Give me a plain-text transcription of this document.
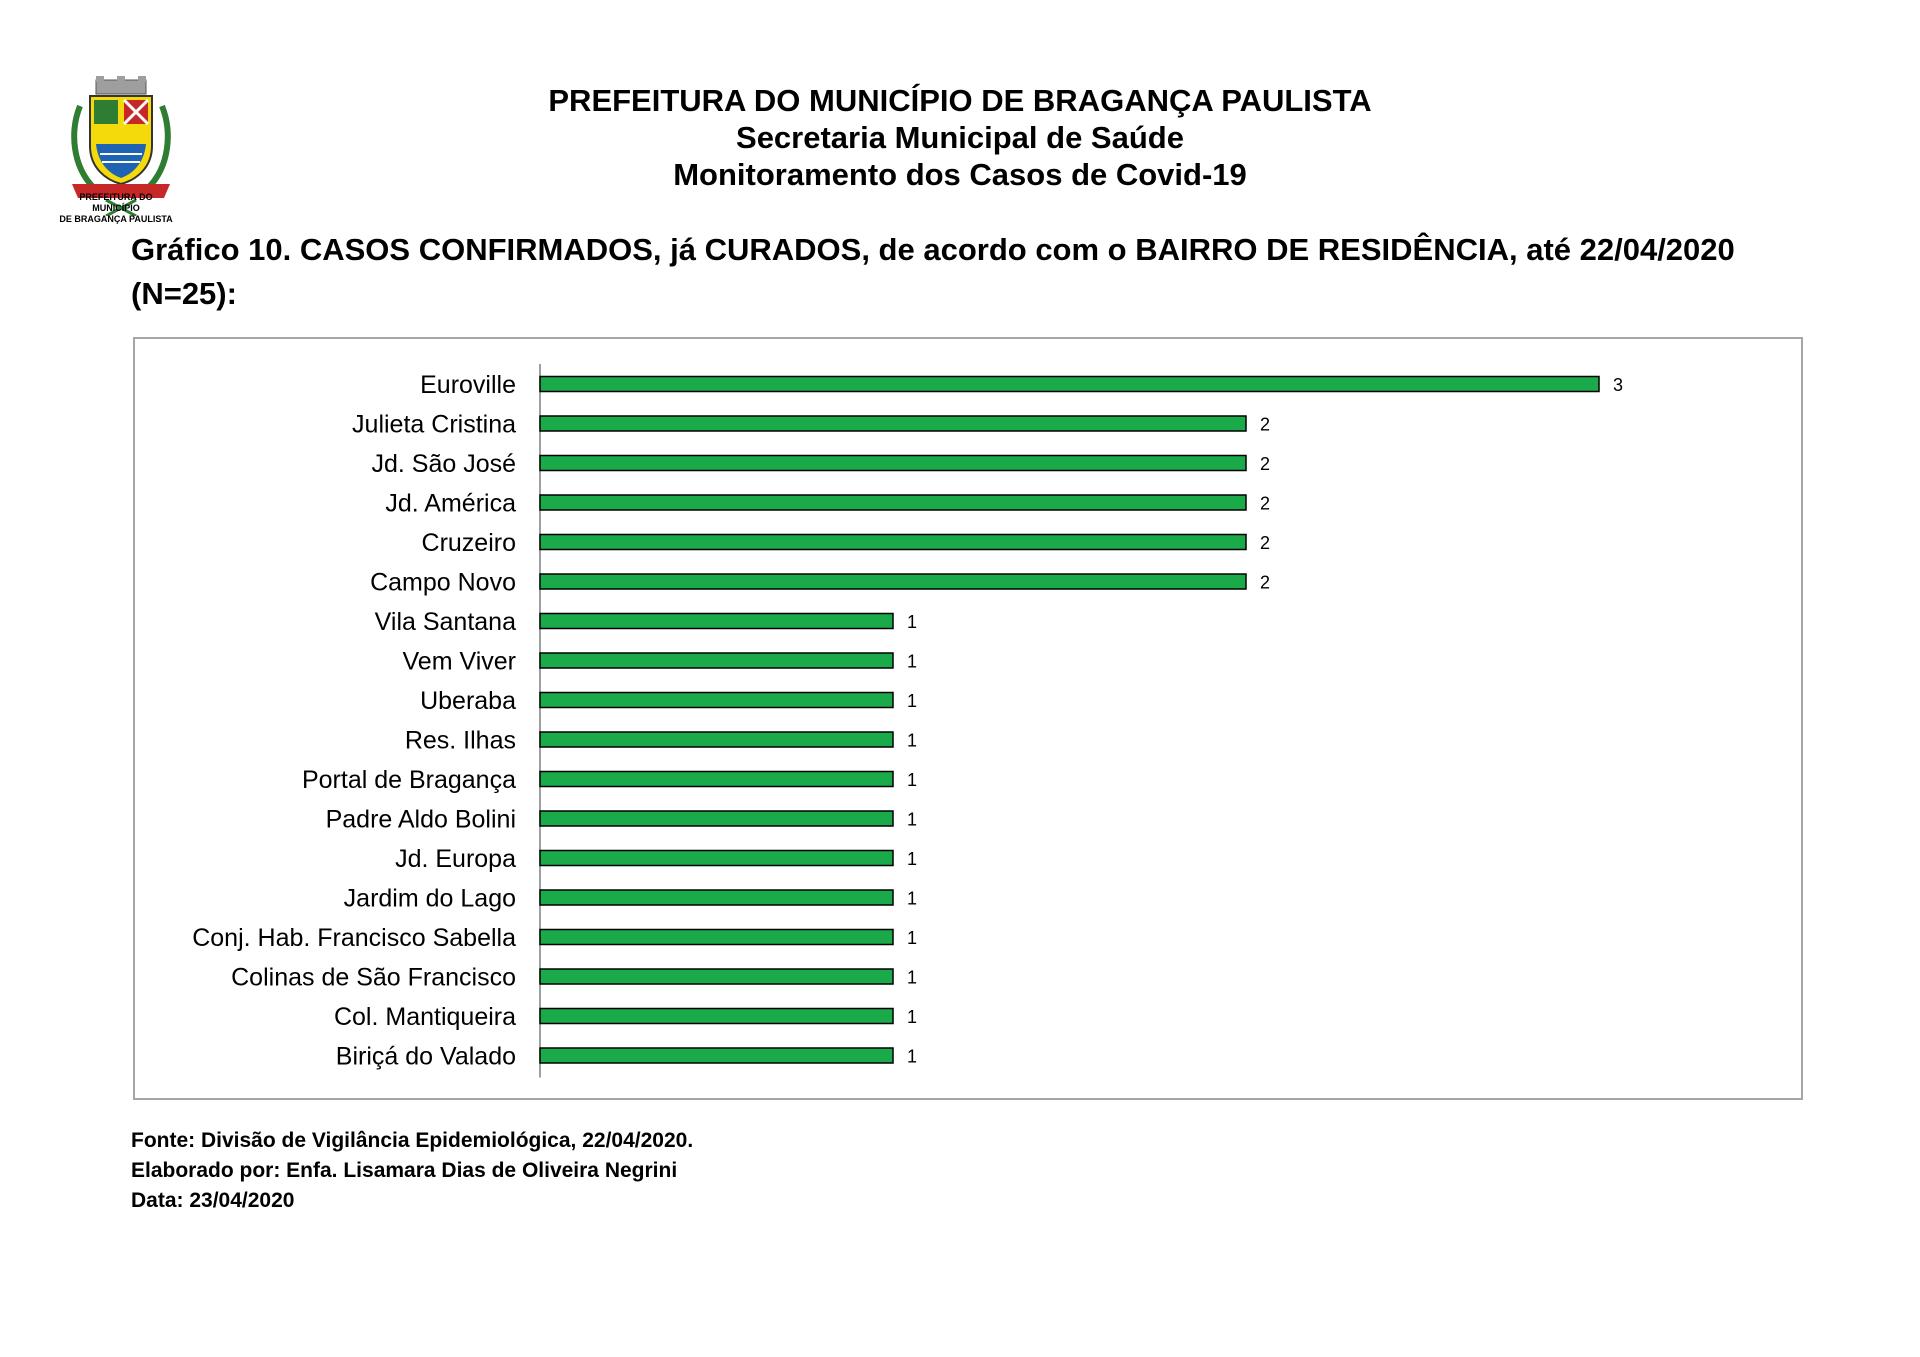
PREFEITURA DO MUNICÍPIO
DE BRAGANÇA PAULISTA
PREFEITURA DO MUNICÍPIO DE BRAGANÇA PAULISTA
Secretaria Municipal de Saúde
Monitoramento dos Casos de Covid-19
Gráfico 10. CASOS CONFIRMADOS, já CURADOS, de acordo com o BAIRRO DE RESIDÊNCIA, até 22/04/2020 (N=25):
Euroville	3
Julieta Cristina	2
Jd. São José	2
Jd. América	2
Cruzeiro	2
Campo Novo	2
Vila Santana	1
Vem Viver	1
Uberaba	1
Res. Ilhas	1
Portal de Bragança	1
Padre Aldo Bolini	1
Jd. Europa	1
Jardim do Lago	1
Conj. Hab. Francisco Sabella	1
Colinas de São Francisco	1
Col. Mantiqueira	1
Biriçá do Valado	1
Fonte: Divisão de Vigilância Epidemiológica, 22/04/2020.
Elaborado por: Enfa. Lisamara Dias de Oliveira Negrini
Data: 23/04/2020
